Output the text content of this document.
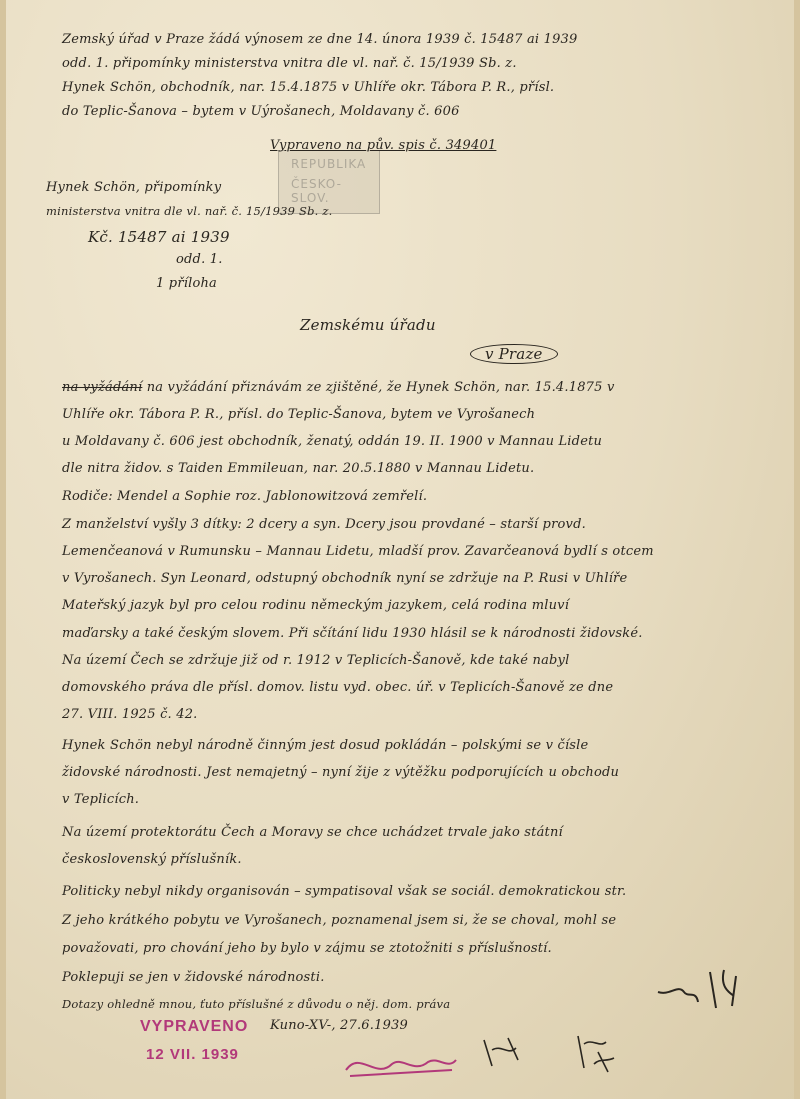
REPUBLIKA
ČESKO-SLOV.
Zemský úřad v Praze žádá výnosem ze dne 14. února 1939 č. 15487 ai 1939
odd. 1. připomínky ministerstva vnitra dle vl. nař. č. 15/1939 Sb. z.
Hynek Schön, obchodník, nar. 15.4.1875 v Uhlíře okr. Tábora P. R., přísl.
do Teplic-Šanova – bytem v Uýrošanech, Moldavany č. 606
Vypraveno na pův. spis č. 349401
Hynek Schön, připomínky
ministerstva vnitra dle vl. nař. č. 15/1939 Sb. z.
Kč. 15487 ai 1939
odd. 1.
1 příloha
Zemskému úřadu
v Praze
na vyžádání na vyžádání přiznávám ze zjištěné, že Hynek Schön, nar. 15.4.1875 v
Uhlíře okr. Tábora P. R., přísl. do Teplic-Šanova, bytem ve Vyrošanech
u Moldavany č. 606 jest obchodník, ženatý, oddán 19. II. 1900 v Mannau Lidetu
dle nitra židov. s Taiden Emmileuan, nar. 20.5.1880 v Mannau Lidetu.
Rodiče: Mendel a Sophie roz. Jablonowitzová zemřelí.
Z manželství vyšly 3 dítky: 2 dcery a syn. Dcery jsou provdané – starší provd.
Lemenčeanová v Rumunsku – Mannau Lidetu, mladší prov. Zavarčeanová bydlí s otcem
v Vyrošanech. Syn Leonard, odstupný obchodník nyní se zdržuje na P. Rusi v Uhlíře
Mateřský jazyk byl pro celou rodinu německým jazykem, celá rodina mluví
maďarsky a také českým slovem. Při sčítání lidu 1930 hlásil se k národnosti židovské.
Na území Čech se zdržuje již od r. 1912 v Teplicích-Šanově, kde také nabyl
domovského práva dle přísl. domov. listu vyd. obec. úř. v Teplicích-Šanově ze dne
27. VIII. 1925 č. 42.
Hynek Schön nebyl národně činným jest dosud pokládán – polskými se v čísle
židovské národnosti. Jest nemajetný – nyní žije z výtěžku podporujících u obchodu
v Teplicích.
Na území protektorátu Čech a Moravy se chce uchádzet trvale jako státní
československý příslušník.
Politicky nebyl nikdy organisován – sympatisoval však se sociál. demokratickou str.
Z jeho krátkého pobytu ve Vyrošanech, poznamenal jsem si, že se choval, mohl se
považovati, pro chování jeho by bylo v zájmu se ztotožniti s příslušností.
Poklepuji se jen v židovské národnosti.
Dotazy ohledně mnou, ťuto příslušné z důvodu o něj. dom. práva
Kuno-XV-, 27.6.1939
VYPRAVENO
12 VII. 1939
